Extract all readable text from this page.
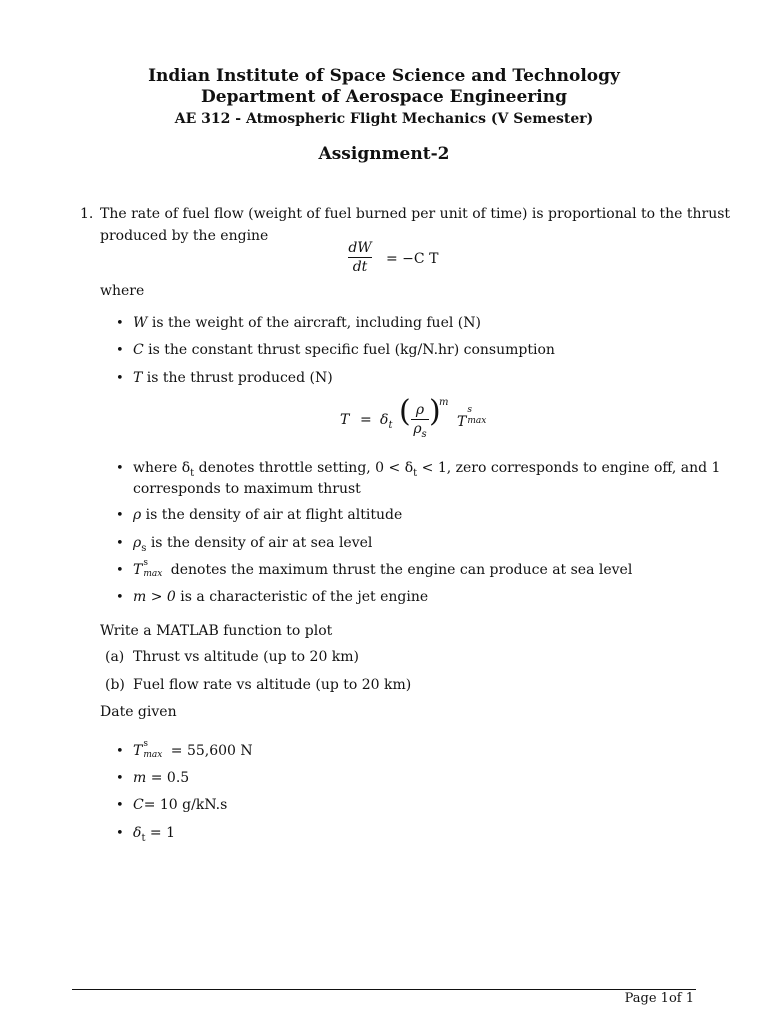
Indian Institute of Space Science and Technology
Department of Aerospace Engineering
AE 312 - Atmospheric Flight Mechanics (V Semester)
Assignment-2
1. The rate of fuel flow (weight of fuel burned per unit of time) is proportional to the thrust
produced by the engine
dW
dt	= −C T
where
• W is the weight of the aircraft, including fuel (N)
• C is the constant thrust specific fuel (kg/N.hr) consumption
• T is the thrust produced (N)
$T = \delta_t$ ( ρ
$\rho_s$
)
m
T
s
max
• where $\delta_t$ denotes throttle setting, $0 < \delta_t < 1$, zero corresponds to engine off, and 1
corresponds to maximum thrust
• ρ is the density of air at flight altitude
• $\rho_s$ is the density of air at sea level
• T s
max denotes the maximum thrust the engine can produce at sea level
• m > 0 is a characteristic of the jet engine
Write a MATLAB function to plot
(a) Thrust vs altitude (up to 20 km)
(b) Fuel flow rate vs altitude (up to 20 km)
Date given
• T s
max = 55,600 N
• m = 0.5
• C= 10 g/kN.s
• $\delta_t = 1$
Page 1of 1
